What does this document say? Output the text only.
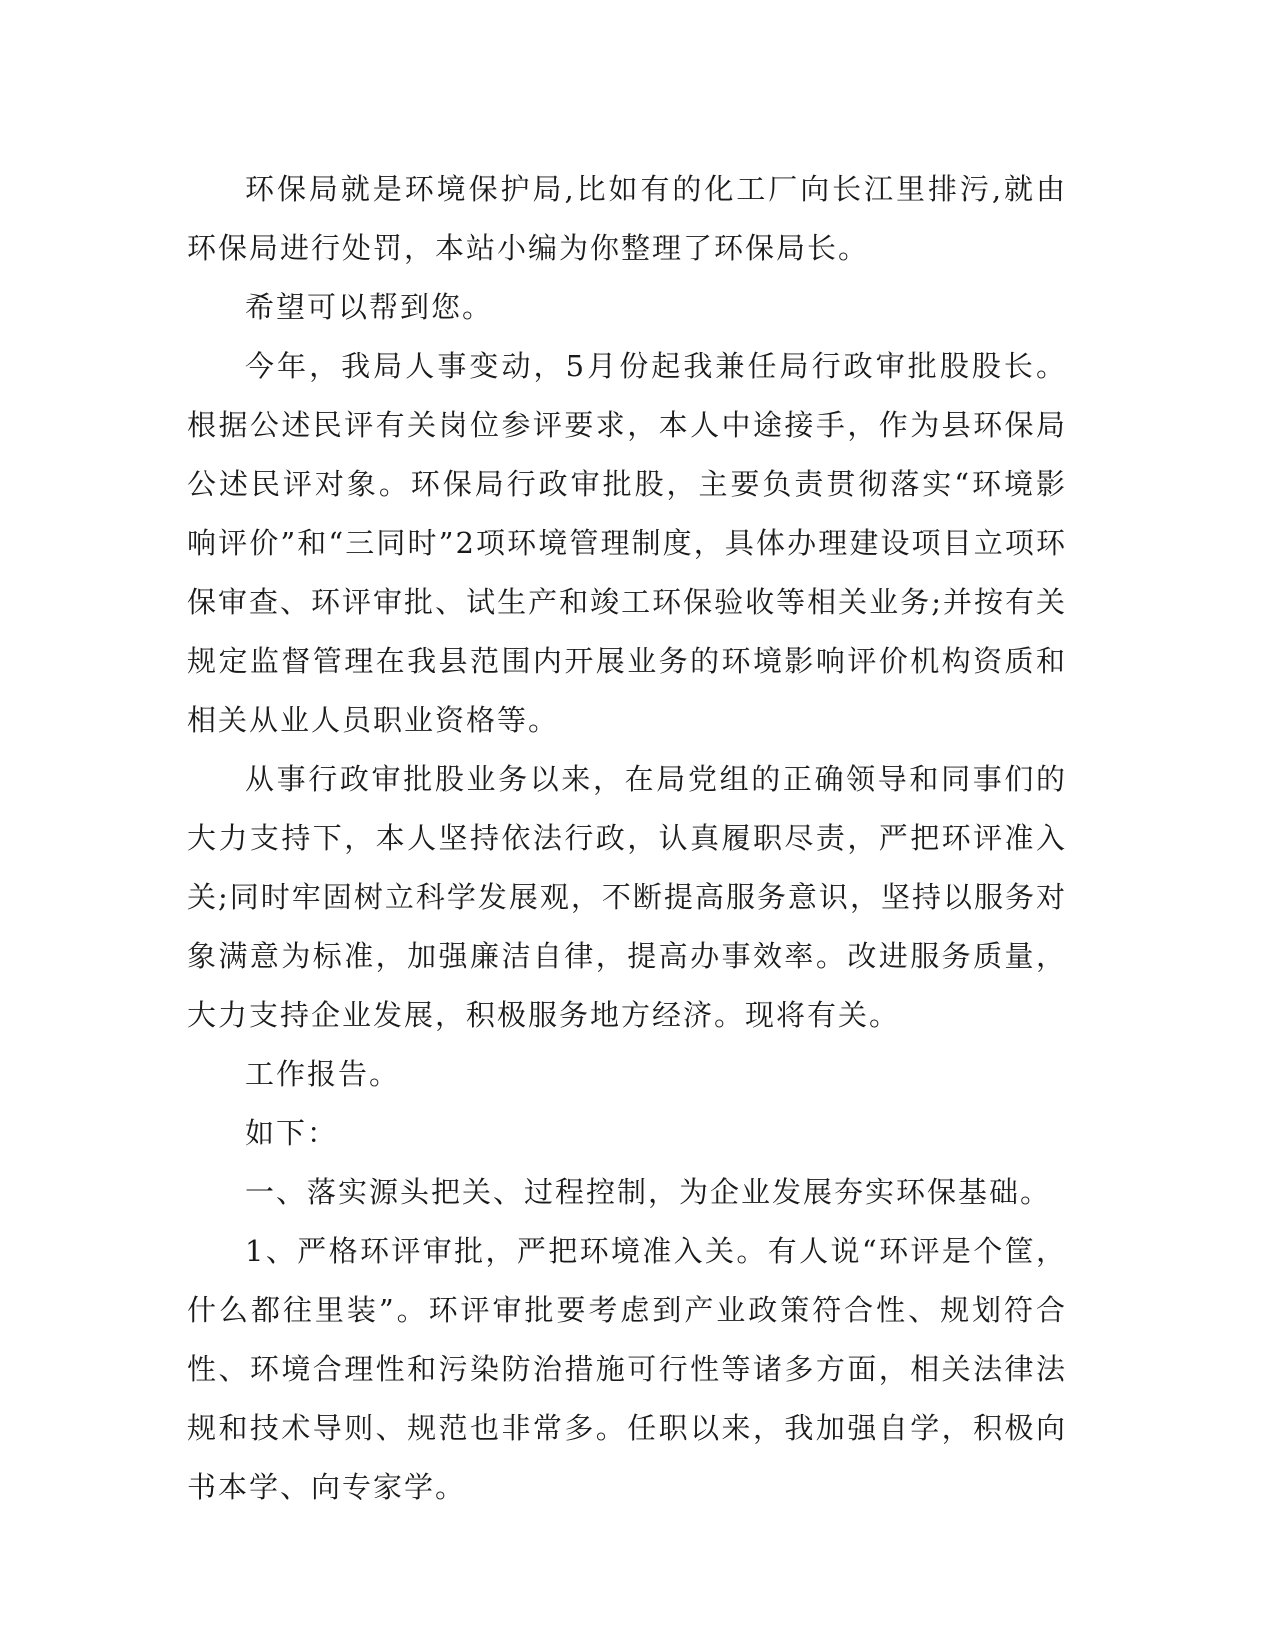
环保局就是环境保护局,比如有的化工厂向长江里排污,就由环保局进行处罚，本站小编为你整理了环保局长。

希望可以帮到您。

今年，我局人事变动，5月份起我兼任局行政审批股股长。根据公述民评有关岗位参评要求，本人中途接手，作为县环保局公述民评对象。环保局行政审批股，主要负责贯彻落实“环境影响评价”和“三同时”2项环境管理制度，具体办理建设项目立项环保审查、环评审批、试生产和竣工环保验收等相关业务;并按有关规定监督管理在我县范围内开展业务的环境影响评价机构资质和相关从业人员职业资格等。

从事行政审批股业务以来，在局党组的正确领导和同事们的大力支持下，本人坚持依法行政，认真履职尽责，严把环评准入关;同时牢固树立科学发展观，不断提高服务意识，坚持以服务对象满意为标准，加强廉洁自律，提高办事效率。改进服务质量，大力支持企业发展，积极服务地方经济。现将有关。

工作报告。

如下：

一、落实源头把关、过程控制，为企业发展夯实环保基础。

1、严格环评审批，严把环境准入关。有人说“环评是个筐，什么都往里装”。环评审批要考虑到产业政策符合性、规划符合性、环境合理性和污染防治措施可行性等诸多方面，相关法律法规和技术导则、规范也非常多。任职以来，我加强自学，积极向书本学、向专家学。
